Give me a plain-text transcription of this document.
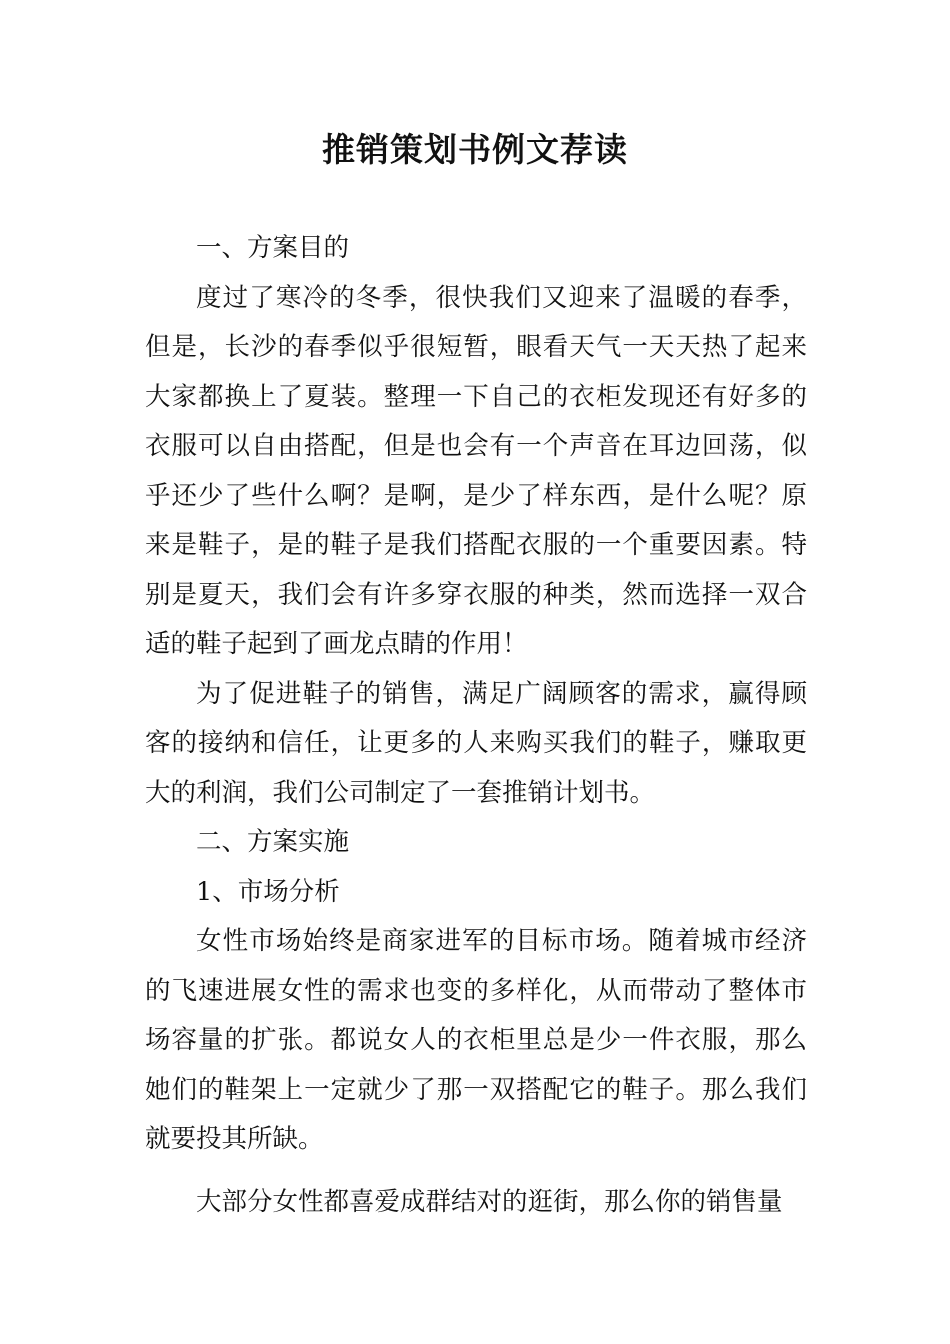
推销策划书例文荐读

一、方案目的

度过了寒冷的冬季，很快我们又迎来了温暖的春季，但是，长沙的春季似乎很短暂，眼看天气一天天热了起来大家都换上了夏装。整理一下自己的衣柜发现还有好多的衣服可以自由搭配，但是也会有一个声音在耳边回荡，似乎还少了些什么啊？是啊，是少了样东西，是什么呢？原来是鞋子，是的鞋子是我们搭配衣服的一个重要因素。特别是夏天，我们会有许多穿衣服的种类，然而选择一双合适的鞋子起到了画龙点睛的作用！

为了促进鞋子的销售，满足广阔顾客的需求，赢得顾客的接纳和信任，让更多的人来购买我们的鞋子，赚取更大的利润，我们公司制定了一套推销计划书。

二、方案实施

1、市场分析

女性市场始终是商家进军的目标市场。随着城市经济的飞速进展女性的需求也变的多样化，从而带动了整体市场容量的扩张。都说女人的衣柜里总是少一件衣服，那么她们的鞋架上一定就少了那一双搭配它的鞋子。那么我们就要投其所缺。

大部分女性都喜爱成群结对的逛街，那么你的销售量
